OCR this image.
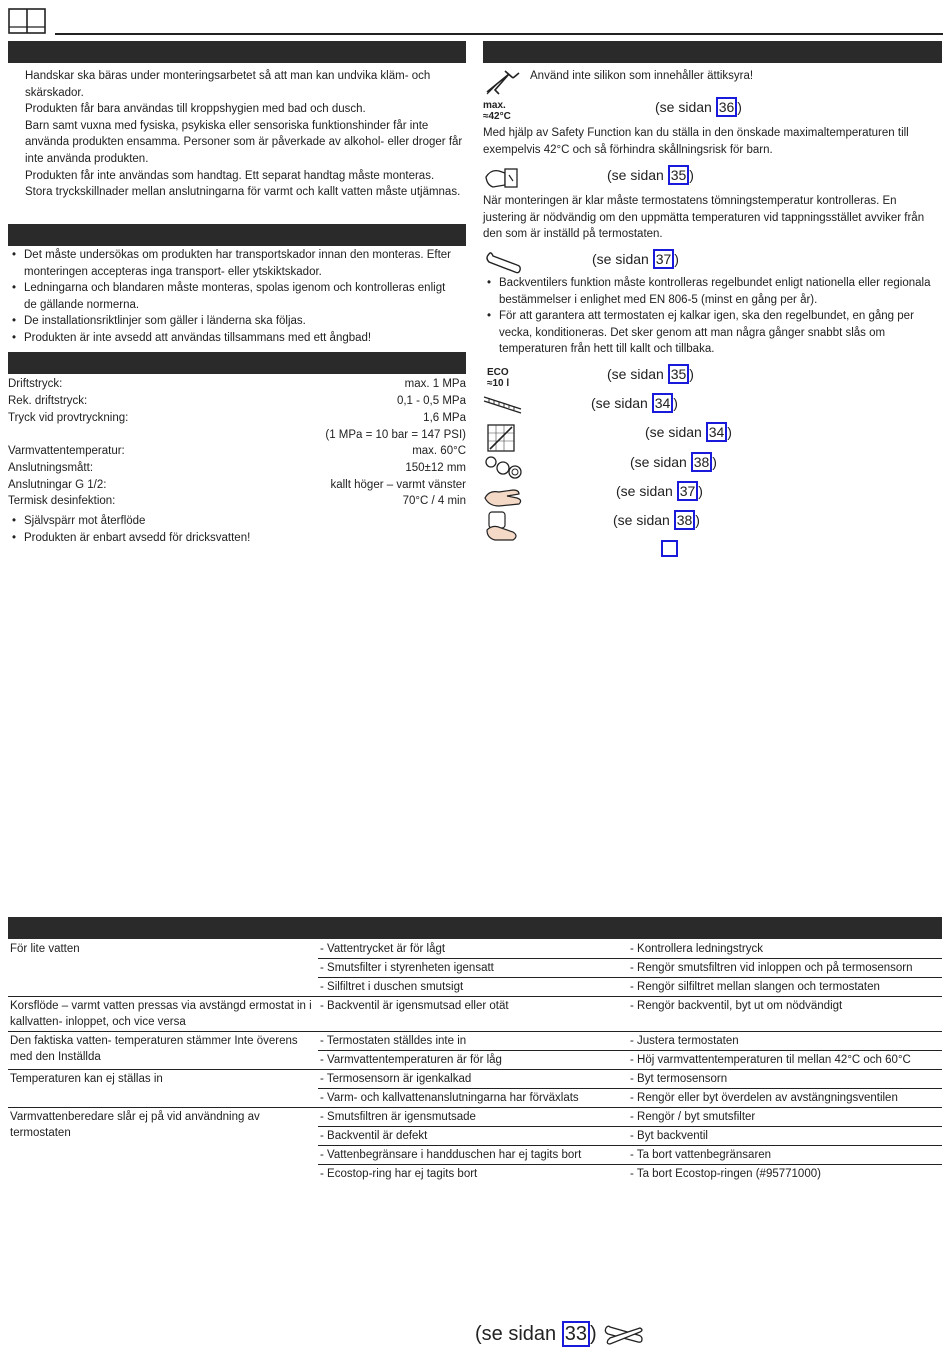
Handskar ska bäras under monteringsarbetet så att man kan undvika kläm- och skärskador.

Produkten får bara användas till kroppshygien med bad och dusch.

Barn samt vuxna med fysiska, psykiska eller sensoriska funktionshinder får inte använda produkten ensamma. Personer som är påverkade av alkohol- eller droger får inte använda produkten.

Produkten får inte användas som handtag. Ett separat handtag måste monteras.

Stora tryckskillnader mellan anslutningarna för varmt och kallt vatten måste utjämnas.

• Det måste undersökas om produkten har transportskador innan den monteras. Efter monteringen accepteras inga transport- eller ytskiktskador.
• Ledningarna och blandaren måste monteras, spolas igenom och kontrolleras enligt de gällande normerna.
• De installationsriktlinjer som gäller i länderna ska följas.
• Produkten är inte avsedd att användas tillsammans med ett ångbad!
Driftstryck:	max. 1 MPa
Rek. driftstryck:	0,1 - 0,5 MPa
Tryck vid provtryckning:	1,6 MPa
(1 MPa = 10 bar = 147 PSI)
Varmvattentemperatur:	max. 60°C
Anslutningsmått:	150±12 mm
Anslutningar G 1/2:	kallt höger – varmt vänster
Termisk desinfektion:	70°C / 4 min
• Självspärr mot återflöde
• Produkten är enbart avsedd för dricksvatten!
Använd inte silikon som innehåller ättiksyra!
max.
≈42°C
(se sidan 36 )
Med hjälp av Safety Function kan du ställa in den önskade maximaltemperaturen till exempelvis 42°C och så förhindra skållningsrisk för barn.
(se sidan 35 )
När monteringen är klar måste termostatens tömningstemperatur kontrolleras. En justering är nödvändig om den uppmätta temperaturen vid tappningsstället avviker från den som är inställd på termostaten.
(se sidan 37 )
• Backventilers funktion måste kontrolleras regelbundet enligt nationella eller regionala bestämmelser i enlighet med EN 806-5 (minst en gång per år).
• För att garantera att termostaten ej kalkar igen, ska den regelbundet, en gång per vecka, konditioneras. Det sker genom att man några gånger snabbt slås om temperaturen från hett till kallt och tillbaka.
ECO
≈10 l
(se sidan 35 )
(se sidan 34 )
(se sidan 34 )
(se sidan 38 )
(se sidan 37 )
(se sidan 38 )
För lite vatten	- Vattentrycket är för lågt	- Kontrollera ledningstryck
	- Smutsfilter i styrenheten igensatt	- Rengör smutsfiltren vid inloppen och på termosensorn
	- Silfiltret i duschen smutsigt	- Rengör silfiltret mellan slangen och termostaten
Korsflöde – varmt vatten pressas via avstängd ermostat in i kallvatten- inloppet, och vice versa	- Backventil är igensmutsad eller otät	- Rengör backventil, byt ut om nödvändigt
Den faktiska vatten- temperaturen stämmer Inte överens med den Inställda	- Termostaten ställdes inte in	- Justera termostaten
	- Varmvattentemperaturen är för låg	- Höj varmvattentemperaturen til mellan 42°C och 60°C
Temperaturen kan ej ställas in	- Termosensorn är igenkalkad	- Byt termosensorn
	- Varm- och kallvattenanslutningarna har förväxlats	- Rengör eller byt överdelen av avstängningsventilen
Varmvattenberedare slår ej på vid användning av termostaten	- Smutsfiltren är igensmutsade	- Rengör / byt smutsfilter
	- Backventil är defekt	- Byt backventil
	- Vattenbegränsare i handduschen har ej tagits bort	- Ta bort vattenbegränsaren
	- Ecostop-ring har ej tagits bort	- Ta bort Ecostop-ringen (#95771000)
(se sidan 33 )
